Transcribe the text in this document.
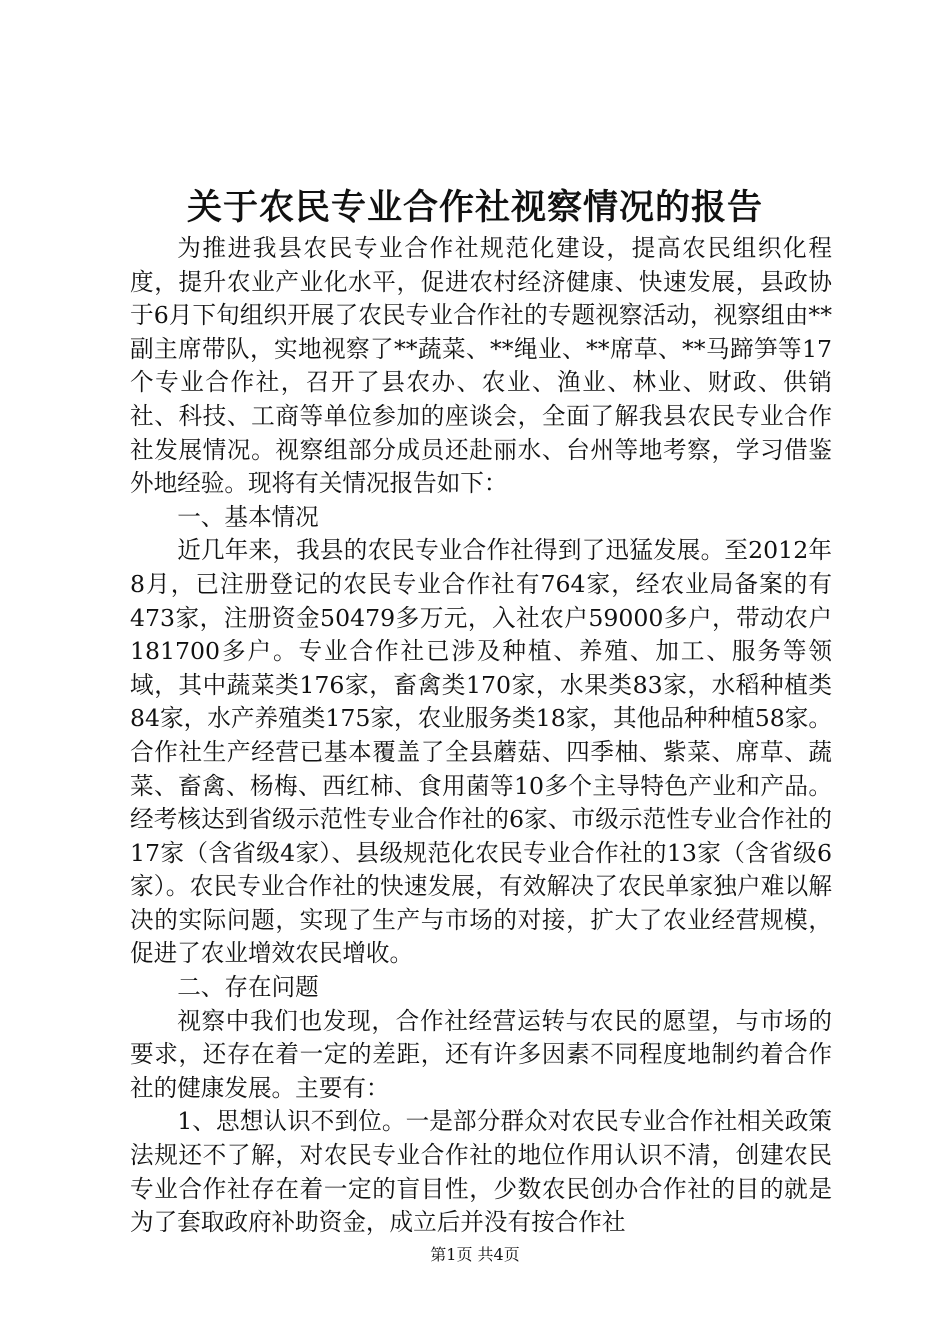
关于农民专业合作社视察情况的报告

为推进我县农民专业合作社规范化建设，提高农民组织化程度，提升农业产业化水平，促进农村经济健康、快速发展，县政协于6月下旬组织开展了农民专业合作社的专题视察活动，视察组由**副主席带队，实地视察了**蔬菜、**绳业、**席草、**马蹄笋等17个专业合作社，召开了县农办、农业、渔业、林业、财政、供销社、科技、工商等单位参加的座谈会，全面了解我县农民专业合作社发展情况。视察组部分成员还赴丽水、台州等地考察，学习借鉴外地经验。现将有关情况报告如下：

一、基本情况

近几年来，我县的农民专业合作社得到了迅猛发展。至2012年8月，已注册登记的农民专业合作社有764家，经农业局备案的有473家，注册资金50479多万元，入社农户59000多户，带动农户181700多户。专业合作社已涉及种植、养殖、加工、服务等领域，其中蔬菜类176家，畜禽类170家，水果类83家，水稻种植类84家，水产养殖类175家，农业服务类18家，其他品种种植58家。合作社生产经营已基本覆盖了全县蘑菇、四季柚、紫菜、席草、蔬菜、畜禽、杨梅、西红柿、食用菌等10多个主导特色产业和产品。经考核达到省级示范性专业合作社的6家、市级示范性专业合作社的17家（含省级4家）、县级规范化农民专业合作社的13家（含省级6家）。农民专业合作社的快速发展，有效解决了农民单家独户难以解决的实际问题，实现了生产与市场的对接，扩大了农业经营规模，促进了农业增效农民增收。

二、存在问题

视察中我们也发现，合作社经营运转与农民的愿望，与市场的要求，还存在着一定的差距，还有许多因素不同程度地制约着合作社的健康发展。主要有：

1、思想认识不到位。一是部分群众对农民专业合作社相关政策法规还不了解，对农民专业合作社的地位作用认识不清，创建农民专业合作社存在着一定的盲目性，少数农民创办合作社的目的就是为了套取政府补助资金，成立后并没有按合作社

第1页 共4页
